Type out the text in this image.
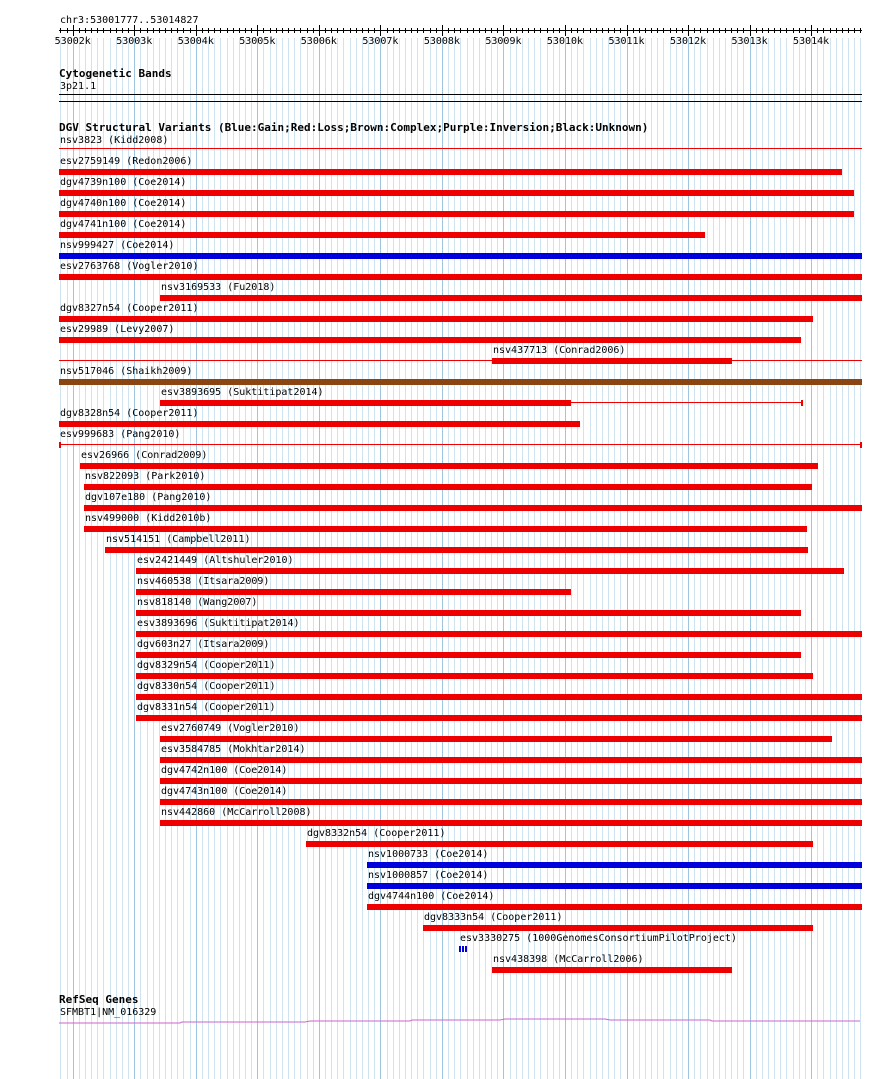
chr3:53001777..53014827
53002k	53003k	53004k	53005k	53006k	53007k	53008k	53009k	53010k	53011k	53012k	53013k	53014k
Cytogenetic Bands
3p21.1
DGV Structural Variants (Blue:Gain;Red:Loss;Brown:Complex;Purple:Inversion;Black:Unknown)
nsv3823 (Kidd2008)
esv2759149 (Redon2006)
dgv4739n100 (Coe2014)
dgv4740n100 (Coe2014)
dgv4741n100 (Coe2014)
nsv999427 (Coe2014)
esv2763768 (Vogler2010)
nsv3169533 (Fu2018)
dgv8327n54 (Cooper2011)
esv29989 (Levy2007)
nsv437713 (Conrad2006)
nsv517046 (Shaikh2009)
esv3893695 (Suktitipat2014)
dgv8328n54 (Cooper2011)
esv999683 (Pang2010)
esv26966 (Conrad2009)
nsv822093 (Park2010)
dgv107e180 (Pang2010)
nsv499000 (Kidd2010b)
nsv514151 (Campbell2011)
esv2421449 (Altshuler2010)
nsv460538 (Itsara2009)
nsv818140 (Wang2007)
esv3893696 (Suktitipat2014)
dgv603n27 (Itsara2009)
dgv8329n54 (Cooper2011)
dgv8330n54 (Cooper2011)
dgv8331n54 (Cooper2011)
esv2760749 (Vogler2010)
esv3584785 (Mokhtar2014)
dgv4742n100 (Coe2014)
dgv4743n100 (Coe2014)
nsv442860 (McCarroll2008)
dgv8332n54 (Cooper2011)
nsv1000733 (Coe2014)
nsv1000857 (Coe2014)
dgv4744n100 (Coe2014)
dgv8333n54 (Cooper2011)
esv3330275 (1000GenomesConsortiumPilotProject)
nsv438398 (McCarroll2006)
RefSeq Genes
SFMBT1|NM_016329
